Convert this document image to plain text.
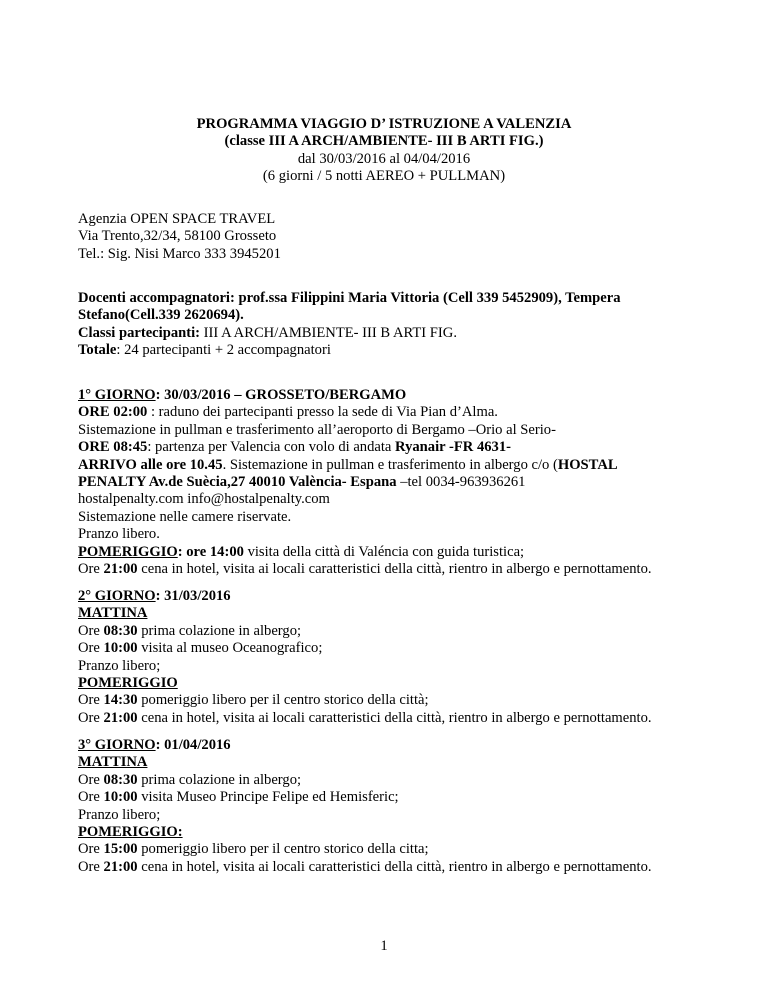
PROGRAMMA VIAGGIO D’ ISTRUZIONE A VALENZIA

(classe III A ARCH/AMBIENTE- III B ARTI FIG.)

dal 30/03/2016 al 04/04/2016

(6 giorni / 5 notti AEREO + PULLMAN)

Agenzia OPEN SPACE TRAVEL

Via Trento,32/34, 58100 Grosseto

Tel.: Sig. Nisi Marco 333 3945201

Docenti accompagnatori: prof.ssa Filippini Maria Vittoria (Cell 339 5452909), Tempera

Stefano(Cell.339 2620694).

Classi partecipanti: III A ARCH/AMBIENTE- III B ARTI FIG.

Totale: 24 partecipanti + 2 accompagnatori

1° GIORNO: 30/03/2016 – GROSSETO/BERGAMO

ORE 02:00 : raduno dei partecipanti presso la sede di Via Pian d’Alma.

Sistemazione in pullman e trasferimento all’aeroporto di Bergamo –Orio al Serio-

ORE 08:45: partenza per Valencia con volo di andata Ryanair -FR 4631-

ARRIVO alle ore 10.45. Sistemazione in pullman e trasferimento in albergo c/o (HOSTAL

PENALTY Av.de Suècia,27 40010 València- Espana –tel 0034-963936261

hostalpenalty.com info@hostalpenalty.com

Sistemazione nelle camere riservate.

Pranzo libero.

POMERIGGIO: ore 14:00 visita della città di Valéncia con guida turistica;

Ore 21:00 cena in hotel, visita ai locali caratteristici della città, rientro in albergo e pernottamento.

2° GIORNO: 31/03/2016

MATTINA

Ore 08:30 prima colazione in albergo;

Ore 10:00 visita al museo Oceanografico;

Pranzo libero;

POMERIGGIO

Ore 14:30 pomeriggio libero per il centro storico della città;

Ore 21:00 cena in hotel, visita ai locali caratteristici della città, rientro in albergo e pernottamento.

3° GIORNO: 01/04/2016

MATTINA

Ore 08:30 prima colazione in albergo;

Ore 10:00 visita Museo Principe Felipe ed Hemisferic;

Pranzo libero;

POMERIGGIO:

Ore 15:00 pomeriggio libero per il centro storico della citta;

Ore 21:00 cena in hotel, visita ai locali caratteristici della città, rientro in albergo e pernottamento.

1
